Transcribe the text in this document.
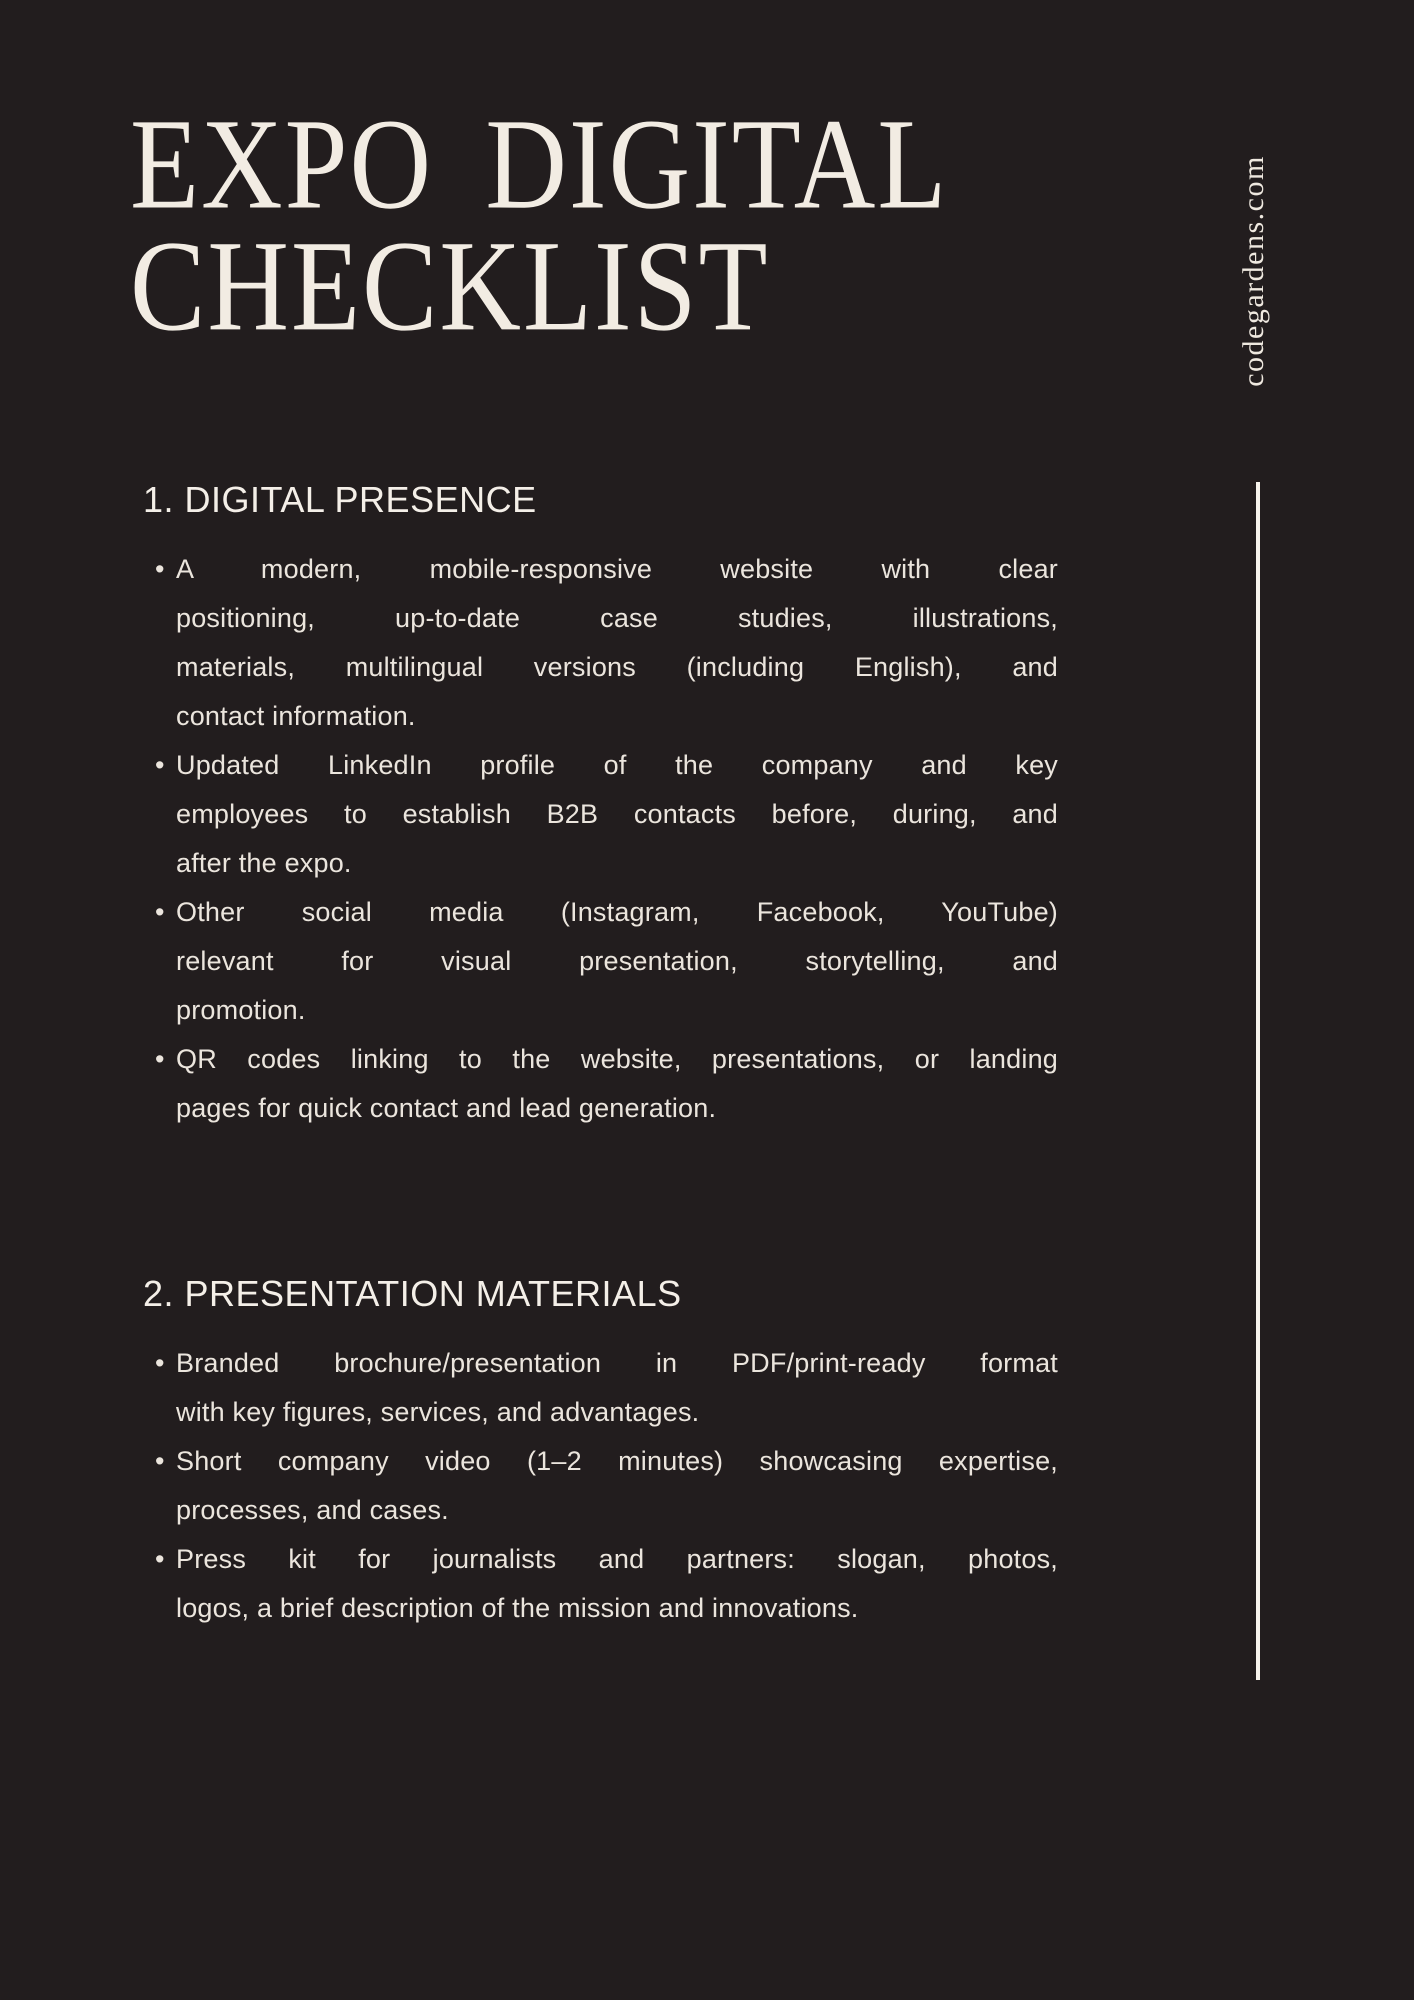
EXPO DIGITAL
CHECKLIST	codegardens.com
1. DIGITAL PRESENCE
• A modern, mobile-responsive website with clear
positioning, up-to-date case studies, illustrations,
materials, multilingual versions (including English), and
contact information.
• Updated LinkedIn profile of the company and key
employees to establish B2B contacts before, during, and
after the expo.
• Other social media (Instagram, Facebook, YouTube)
relevant for visual presentation, storytelling, and
promotion.
• QR codes linking to the website, presentations, or landing
pages for quick contact and lead generation.
2. PRESENTATION MATERIALS
• Branded brochure/presentation in PDF/print-ready format
with key figures, services, and advantages.
• Short company video (1–2 minutes) showcasing expertise,
processes, and cases.
• Press kit for journalists and partners: slogan, photos,
logos, a brief description of the mission and innovations.
